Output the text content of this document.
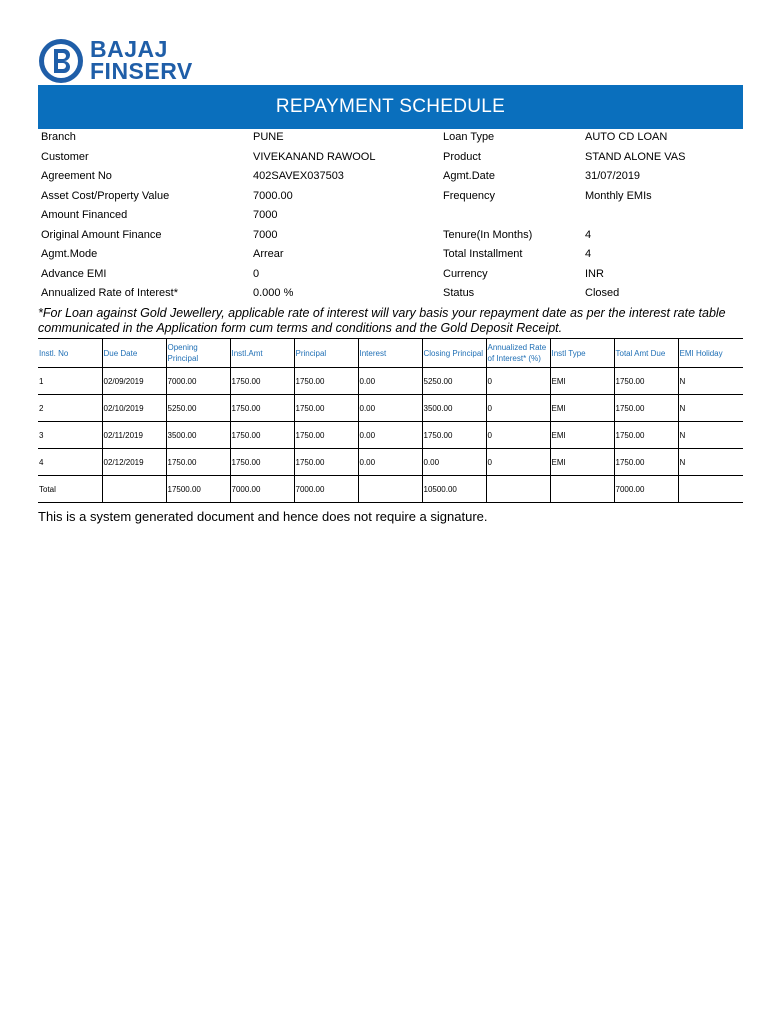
BAJAJ
FINSERV
REPAYMENT SCHEDULE
Branch	PUNE	Loan Type	AUTO CD LOAN
Customer	VIVEKANAND RAWOOL	Product	STAND ALONE VAS
Agreement No	402SAVEX037503	Agmt.Date	31/07/2019
Asset Cost/Property Value	7000.00	Frequency	Monthly EMIs
Amount Financed	7000
Original Amount Finance	7000	Tenure(In Months)	4
Agmt.Mode	Arrear	Total Installment	4
Advance EMI	0	Currency	INR
Annualized Rate of Interest*	0.000 %	Status	Closed
*For Loan against Gold Jewellery, applicable rate of interest will vary basis your repayment date as per the interest rate table communicated in the Application form cum terms and conditions and the Gold Deposit Receipt.
Instl. No	Due Date	Opening Principal	Instl.Amt	Principal	Interest	Closing Principal	Annualized Rate of Interest* (%)	Instl Type	Total Amt Due	EMI Holiday
1	02/09/2019	7000.00	1750.00	1750.00	0.00	5250.00	0	EMI	1750.00	N
2	02/10/2019	5250.00	1750.00	1750.00	0.00	3500.00	0	EMI	1750.00	N
3	02/11/2019	3500.00	1750.00	1750.00	0.00	1750.00	0	EMI	1750.00	N
4	02/12/2019	1750.00	1750.00	1750.00	0.00	0.00	0	EMI	1750.00	N
Total		17500.00	7000.00	7000.00		10500.00			7000.00	
This is a system generated document and hence does not require a signature.
